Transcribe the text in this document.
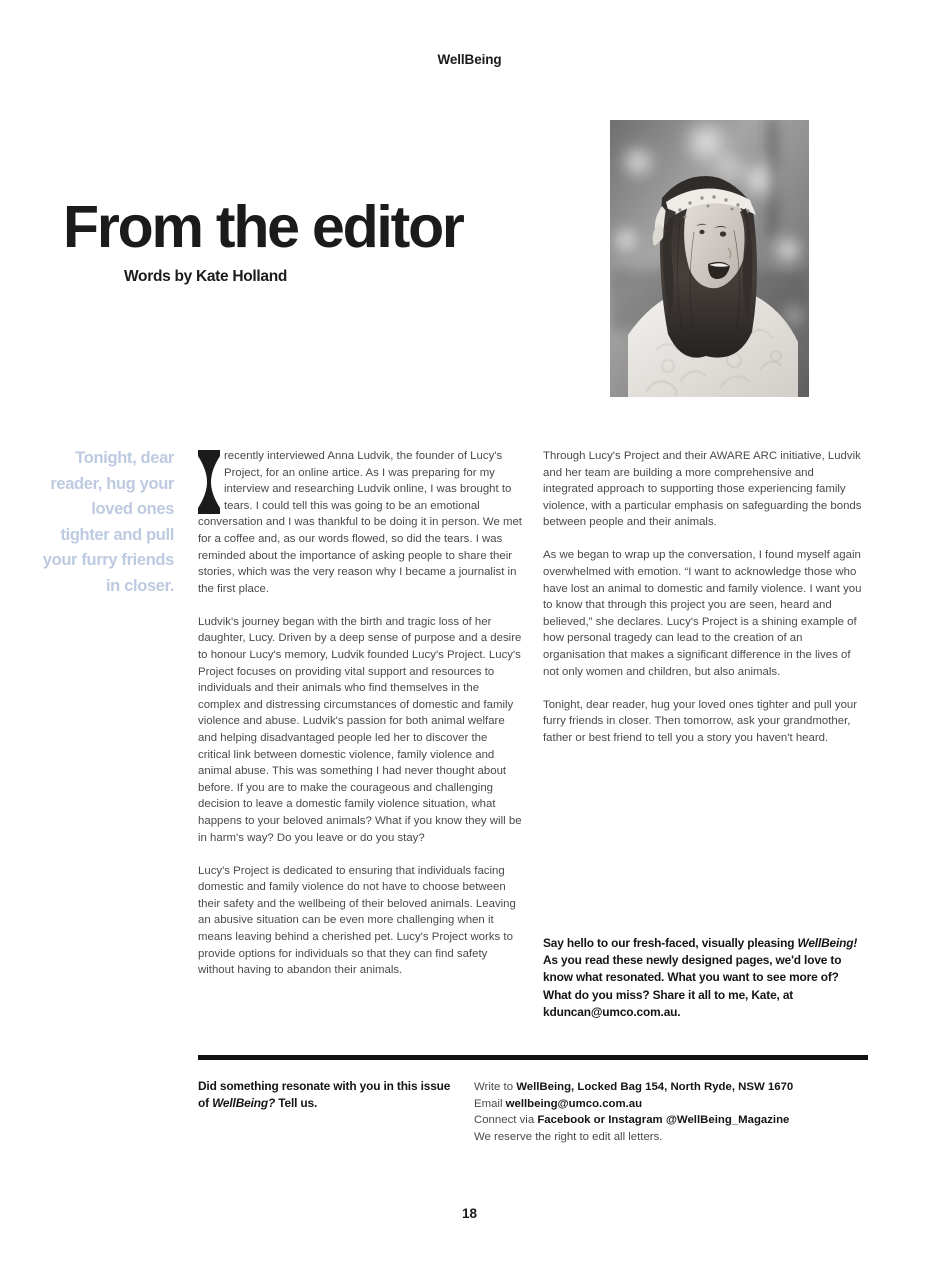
WellBeing
From the editor
Words by Kate Holland
Tonight, dear reader, hug your loved ones tighter and pull your furry friends in closer.

recently interviewed Anna Ludvik, the founder of Lucy's Project, for an online artice. As I was preparing for my interview and researching Ludvik online, I was brought to tears. I could tell this was going to be an emotional conversation and I was thankful to be doing it in person. We met for a coffee and, as our words flowed, so did the tears. I was reminded about the importance of asking people to share their stories, which was the very reason why I became a journalist in the first place.

Ludvik's journey began with the birth and tragic loss of her daughter, Lucy. Driven by a deep sense of purpose and a desire to honour Lucy's memory, Ludvik founded Lucy's Project. Lucy's Project focuses on providing vital support and resources to individuals and their animals who find themselves in the complex and distressing circumstances of domestic and family violence and abuse. Ludvik's passion for both animal welfare and helping disadvantaged people led her to discover the critical link between domestic violence, family violence and animal abuse. This was something I had never thought about before. If you are to make the courageous and challenging decision to leave a domestic family violence situation, what happens to your beloved animals? What if you know they will be in harm's way? Do you leave or do you stay?

Lucy's Project is dedicated to ensuring that individuals facing domestic and family violence do not have to choose between their safety and the wellbeing of their beloved animals. Leaving an abusive situation can be even more challenging when it means leaving behind a cherished pet. Lucy's Project works to provide options for individuals so that they can find safety without having to abandon their animals.

Through Lucy's Project and their AWARE ARC initiative, Ludvik and her team are building a more comprehensive and integrated approach to supporting those experiencing family violence, with a particular emphasis on safeguarding the bonds between people and their animals.

As we began to wrap up the conversation, I found myself again overwhelmed with emotion. “I want to acknowledge those who have lost an animal to domestic and family violence. I want you to know that through this project you are seen, heard and believed,” she declares. Lucy's Project is a shining example of how personal tragedy can lead to the creation of an organisation that makes a significant difference in the lives of not only women and children, but also animals.

Tonight, dear reader, hug your loved ones tighter and pull your furry friends in closer. Then tomorrow, ask your grandmother, father or best friend to tell you a story you haven't heard.

Say hello to our fresh-faced, visually pleasing WellBeing! As you read these newly designed pages, we'd love to know what resonated. What you want to see more of? What do you miss? Share it all to me, Kate, at kduncan@umco.com.au.
Did something resonate with you in this issue of WellBeing? Tell us.
Write to WellBeing, Locked Bag 154, North Ryde, NSW 1670
Email wellbeing@umco.com.au
Connect via Facebook or Instagram @WellBeing_Magazine
We reserve the right to edit all letters.
18
